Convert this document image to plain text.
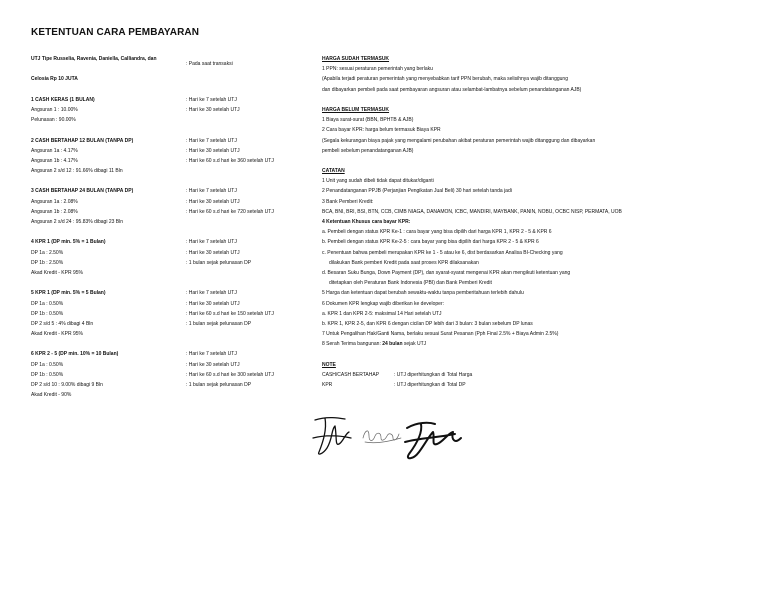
KETENTUAN CARA PEMBAYARAN
UTJ Tipe Russelia, Ravenia, Daniella, Calliandra, dan
Celosia Rp 10 JUTA
1 CASH KERAS (1 BULAN)
Angsuran 1 : 10.00%
Pelunasan : 90.00%
2 CASH BERTAHAP 12 BULAN (TANPA DP)
Angsuran 1a : 4.17%
Angsuran 1b : 4.17%
Angsuran 2 s/d 12 : 91.66% dibagi 11 Bln
3 CASH BERTAHAP 24 BULAN (TANPA DP)
Angsuran 1a : 2.08%
Angsuran 1b : 2.08%
Angsuran 2 s/d 24 : 95.83% dibagi 23 Bln
4 KPR 1 (DP min. 5% = 1 Bulan)
DP 1a : 2.50%
DP 1b : 2.50%
Akad Kredit - KPR 95%
5 KPR 1 (DP min. 5% = 5 Bulan)
DP 1a : 0.50%
DP 1b : 0.50%
DP 2 s/d 5 : 4% dibagi 4 Bln
Akad Kredit - KPR 95%
6 KPR 2 - 5 (DP min. 10% = 10 Bulan)
DP 1a : 0.50%
DP 1b : 0.50%
DP 2 s/d 10 : 9.00% dibagi 9 Bln
Akad Kredit - 90%
: Pada saat transaksi
: Hari ke 7 setelah UTJ
: Hari ke 30 setelah UTJ
: Hari ke 7 setelah UTJ
: Hari ke 30 setelah UTJ
: Hari ke 60 s.d hari ke 360 setelah UTJ
: Hari ke 7 setelah UTJ
: Hari ke 30 setelah UTJ
: Hari ke 60 s.d hari ke 720 setelah UTJ
: Hari ke 7 setelah UTJ
: Hari ke 30 setelah UTJ
: 1 bulan sejak pelunasan DP
: Hari ke 7 setelah UTJ
: Hari ke 30 setelah UTJ
: Hari ke 60 s.d hari ke 150 setelah UTJ
: 1 bulan sejak pelunasan DP
: Hari ke 7 setelah UTJ
: Hari ke 30 setelah UTJ
: Hari ke 60 s.d hari ke 300 setelah UTJ
: 1 bulan sejak pelunasan DP
HARGA SUDAH TERMASUK
1 PPN: sesuai peraturan pemerintah yang berlaku
(Apabila terjadi peraturan pemerintah yang menyebabkan tarif PPN berubah, maka selisihnya wajib ditanggung
dan dibayarkan pembeli pada saat pembayaran angsuran atau selambat-lambatnya sebelum penandatanganan AJB)
HARGA BELUM TERMASUK
1 Biaya surat-surat (BBN, BPHTB & AJB)
2 Cara bayar KPR: harga belum termasuk Biaya KPR
(Segala kekurangan biaya pajak yang mengalami perubahan akibat peraturan pemerintah wajib ditanggung dan dibayarkan
pembeli sebelum penandatanganan AJB)
CATATAN
1 Unit yang sudah dibeli tidak dapat ditukar/diganti
2 Penandatanganan PPJB (Perjanjian Pengikatan Jual Beli) 30 hari setelah tanda jadi
3 Bank Pemberi Kredit:
BCA, BNI, BRI, BSI, BTN, CCB, CIMB NIAGA, DANAMON, ICBC, MANDIRI, MAYBANK, PANIN, NOBU, OCBC NISP, PERMATA, UOB
4 Ketentuan Khusus cara bayar KPR:
a. Pembeli dengan status KPR Ke-1 : cara bayar yang bisa dipilih dari harga KPR 1, KPR 2 - 5 & KPR 6
b. Pembeli dengan status KPR Ke-2-5 : cara bayar yang bisa dipilih dari harga KPR 2 - 5 & KPR 6
c. Penentuan bahwa pembeli merupakan KPR ke 1 - 5 atau ke 6, dist berdasarkan Analisa BI-Checking yang
dilakukan Bank pemberi Kredit pada saat proses KPR dilaksanakan
d. Besaran Suku Bunga, Down Payment (DP), dan syarat-syarat mengenai KPR akan mengikuti ketentuan yang
ditetapkan oleh Peraturan Bank Indonesia (PBI) dan Bank Pemberi Kredit
5 Harga dan ketentuan dapat berubah sewaktu-waktu tanpa pemberitahuan terlebih dahulu
6 Dokumen KPR lengkap wajib diberikan ke developer:
a. KPR 1 dan KPR 2-5: maksimal 14 Hari setelah UTJ
b. KPR 1, KPR 2-5, dan KPR 6 dengan cicilan DP lebih dari 3 bulan: 3 bulan sebelum DP lunas
7 Untuk Pengalihan Hak/Ganti Nama, berlaku sesuai Surat Pesanan (Pph Final 2.5% + Biaya Admin 2.5%)
8 Serah Terima bangunan: 24 bulan sejak UTJ
NOTE
CASH/CASH BERTAHAP	: UTJ diperhitungkan di Total Harga
KPR	: UTJ diperhitungkan di Total DP
